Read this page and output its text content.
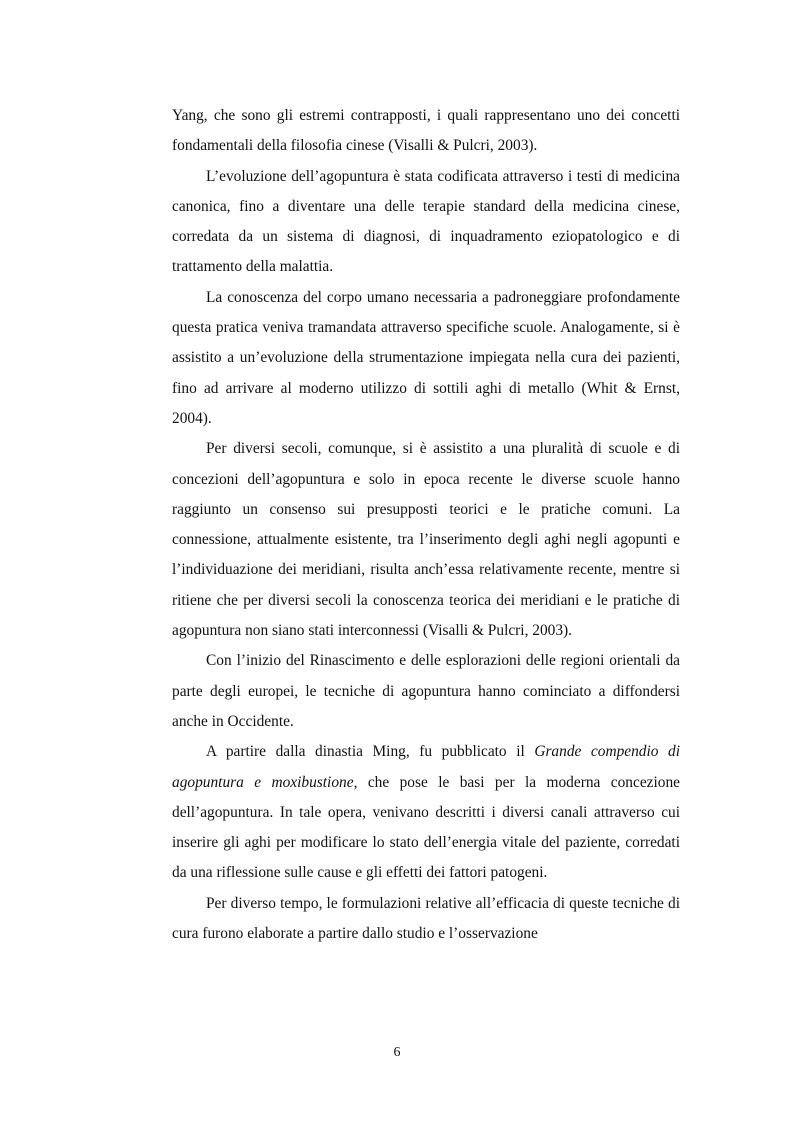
Yang, che sono gli estremi contrapposti, i quali rappresentano uno dei concetti fondamentali della filosofia cinese (Visalli & Pulcri, 2003).

L’evoluzione dell’agopuntura è stata codificata attraverso i testi di medicina canonica, fino a diventare una delle terapie standard della medicina cinese, corredata da un sistema di diagnosi, di inquadramento eziopatologico e di trattamento della malattia.

La conoscenza del corpo umano necessaria a padroneggiare profondamente questa pratica veniva tramandata attraverso specifiche scuole. Analogamente, si è assistito a un’evoluzione della strumentazione impiegata nella cura dei pazienti, fino ad arrivare al moderno utilizzo di sottili aghi di metallo (Whit & Ernst, 2004).

Per diversi secoli, comunque, si è assistito a una pluralità di scuole e di concezioni dell’agopuntura e solo in epoca recente le diverse scuole hanno raggiunto un consenso sui presupposti teorici e le pratiche comuni. La connessione, attualmente esistente, tra l’inserimento degli aghi negli agopunti e l’individuazione dei meridiani, risulta anch’essa relativamente recente, mentre si ritiene che per diversi secoli la conoscenza teorica dei meridiani e le pratiche di agopuntura non siano stati interconnessi (Visalli & Pulcri, 2003).

Con l’inizio del Rinascimento e delle esplorazioni delle regioni orientali da parte degli europei, le tecniche di agopuntura hanno cominciato a diffondersi anche in Occidente.

A partire dalla dinastia Ming, fu pubblicato il Grande compendio di agopuntura e moxibustione, che pose le basi per la moderna concezione dell’agopuntura. In tale opera, venivano descritti i diversi canali attraverso cui inserire gli aghi per modificare lo stato dell’energia vitale del paziente, corredati da una riflessione sulle cause e gli effetti dei fattori patogeni.

Per diverso tempo, le formulazioni relative all’efficacia di queste tecniche di cura furono elaborate a partire dallo studio e l’osservazione

6
